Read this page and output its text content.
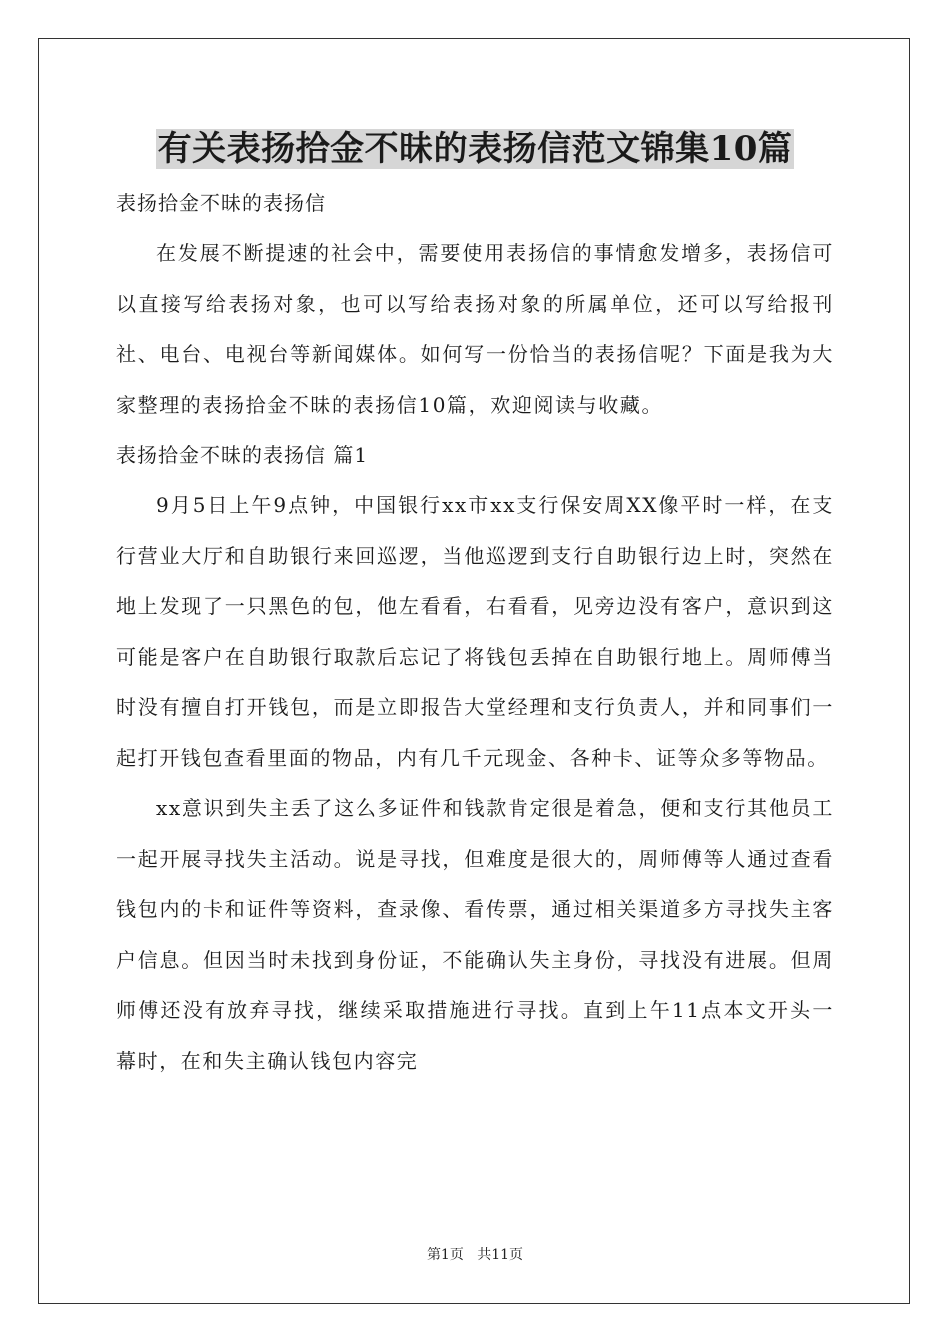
有关表扬拾金不昧的表扬信范文锦集10篇

表扬拾金不昧的表扬信

在发展不断提速的社会中，需要使用表扬信的事情愈发增多，表扬信可以直接写给表扬对象，也可以写给表扬对象的所属单位，还可以写给报刊社、电台、电视台等新闻媒体。如何写一份恰当的表扬信呢？下面是我为大家整理的表扬拾金不昧的表扬信10篇，欢迎阅读与收藏。

表扬拾金不昧的表扬信 篇1

9月5日上午9点钟，中国银行xx市xx支行保安周XX像平时一样，在支行营业大厅和自助银行来回巡逻，当他巡逻到支行自助银行边上时，突然在地上发现了一只黑色的包，他左看看，右看看，见旁边没有客户，意识到这可能是客户在自助银行取款后忘记了将钱包丢掉在自助银行地上。周师傅当时没有擅自打开钱包，而是立即报告大堂经理和支行负责人，并和同事们一起打开钱包查看里面的物品，内有几千元现金、各种卡、证等众多等物品。

xx意识到失主丢了这么多证件和钱款肯定很是着急，便和支行其他员工一起开展寻找失主活动。说是寻找，但难度是很大的，周师傅等人通过查看钱包内的卡和证件等资料，查录像、看传票，通过相关渠道多方寻找失主客户信息。但因当时未找到身份证，不能确认失主身份，寻找没有进展。但周师傅还没有放弃寻找，继续采取措施进行寻找。直到上午11点本文开头一幕时，在和失主确认钱包内容完

第1页 共11页
